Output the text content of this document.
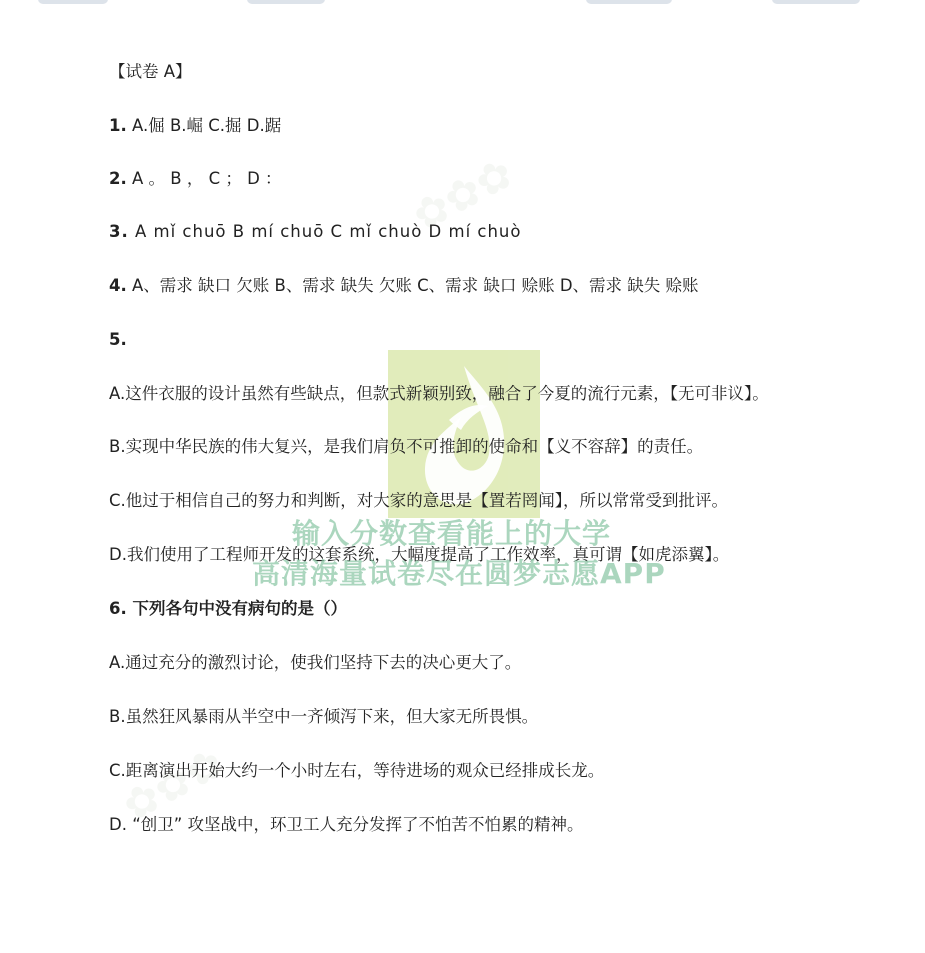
✿✿✿
✿✿✿

【试卷 A】

1. A.倔 B.崛 C.掘 D.踞

2. A 。 B ， C ； D ：

3. A mǐ chuō B mí chuō C mǐ chuò D mí chuò

4. A、需求 缺口 欠账 B、需求 缺失 欠账 C、需求 缺口 赊账 D、需求 缺失 赊账

5.

A.这件衣服的设计虽然有些缺点，但款式新颖别致，融合了今夏的流行元素，【无可非议】。

B.实现中华民族的伟大复兴，是我们肩负不可推卸的使命和【义不容辞】的责任。

C.他过于相信自己的努力和判断，对大家的意思是【置若罔闻】，所以常常受到批评。

D.我们使用了工程师开发的这套系统，大幅度提高了工作效率，真可谓【如虎添翼】。

输入分数查看能上的大学
高清海量试卷尽在圆梦志愿APP

6. 下列各句中没有病句的是（）

A.通过充分的激烈讨论，使我们坚持下去的决心更大了。

B.虽然狂风暴雨从半空中一齐倾泻下来，但大家无所畏惧。

C.距离演出开始大约一个小时左右，等待进场的观众已经排成长龙。

D. “创卫” 攻坚战中，环卫工人充分发挥了不怕苦不怕累的精神。
